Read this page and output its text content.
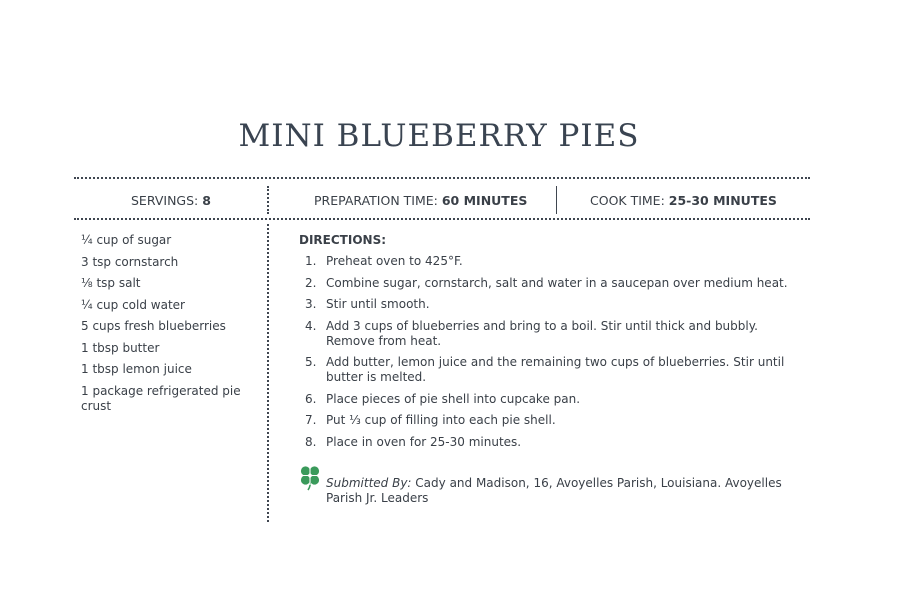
MINI BLUEBERRY PIES
SERVINGS: 8	PREPARATION TIME: 60 MINUTES	COOK TIME: 25-30 MINUTES
¼ cup of sugar
3 tsp cornstarch
⅛ tsp salt
¼ cup cold water
5 cups fresh blueberries
1 tbsp butter
1 tbsp lemon juice
1 package refrigerated pie crust
DIRECTIONS:
1. Preheat oven to 425°F.
2. Combine sugar, cornstarch, salt and water in a saucepan over medium heat.
3. Stir until smooth.
4. Add 3 cups of blueberries and bring to a boil. Stir until thick and bubbly. Remove from heat.
5. Add butter, lemon juice and the remaining two cups of blueberries. Stir until butter is melted.
6. Place pieces of pie shell into cupcake pan.
7. Put ⅓ cup of filling into each pie shell.
8. Place in oven for 25-30 minutes.
Submitted By: Cady and Madison, 16, Avoyelles Parish, Louisiana. Avoyelles Parish Jr. Leaders
